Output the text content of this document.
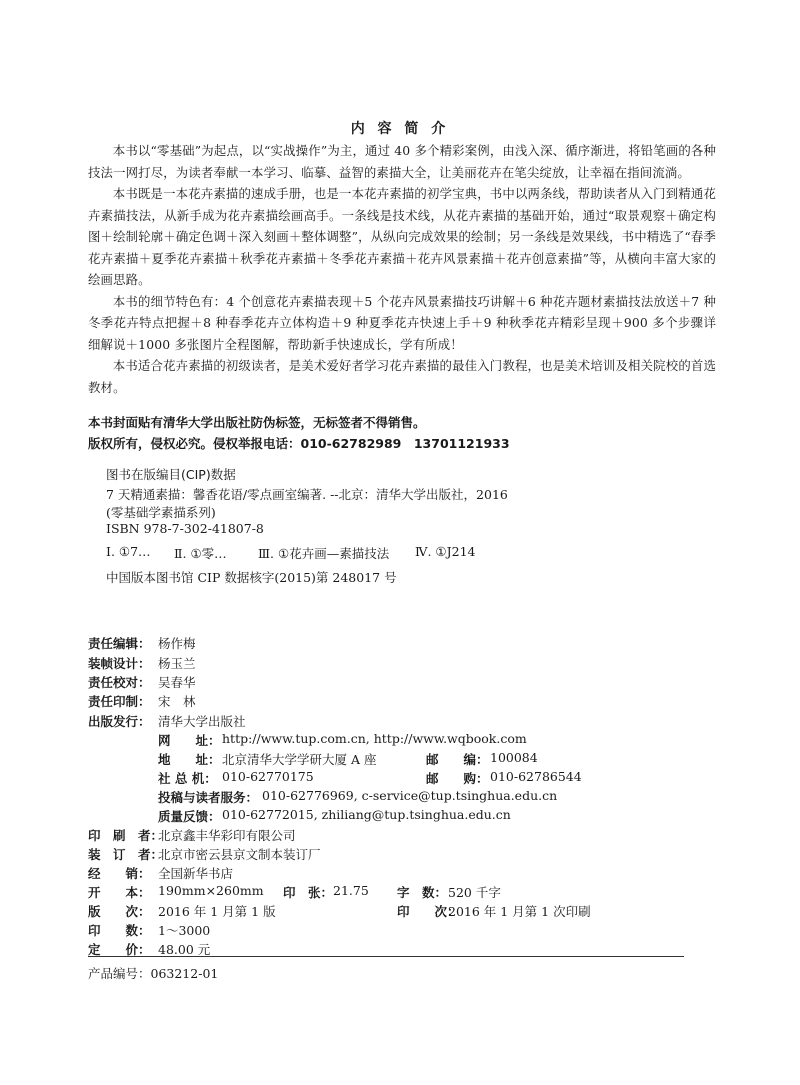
内 容 简 介

本书以“零基础”为起点，以“实战操作”为主，通过 40 多个精彩案例，由浅入深、循序渐进，将铅笔画的各种技法一网打尽，为读者奉献一本学习、临摹、益智的素描大全，让美丽花卉在笔尖绽放，让幸福在指间流淌。

本书既是一本花卉素描的速成手册，也是一本花卉素描的初学宝典，书中以两条线，帮助读者从入门到精通花卉素描技法，从新手成为花卉素描绘画高手。一条线是技术线，从花卉素描的基础开始，通过“取景观察＋确定构图＋绘制轮廓＋确定色调＋深入刻画＋整体调整”，从纵向完成效果的绘制；另一条线是效果线，书中精选了“春季花卉素描＋夏季花卉素描＋秋季花卉素描＋冬季花卉素描＋花卉风景素描＋花卉创意素描”等，从横向丰富大家的绘画思路。

本书的细节特色有：4 个创意花卉素描表现＋5 个花卉风景素描技巧讲解＋6 种花卉题材素描技法放送＋7 种冬季花卉特点把握＋8 种春季花卉立体构造＋9 种夏季花卉快速上手＋9 种秋季花卉精彩呈现＋900 多个步骤详细解说＋1000 多张图片全程图解，帮助新手快速成长，学有所成！

本书适合花卉素描的初级读者，是美术爱好者学习花卉素描的最佳入门教程，也是美术培训及相关院校的首选教材。

本书封面贴有清华大学出版社防伪标签，无标签者不得销售。
版权所有，侵权必究。侵权举报电话：010-62782989　13701121933
图书在版编目(CIP)数据
7 天精通素描：馨香花语/零点画室编著. --北京：清华大学出版社，2016
(零基础学素描系列)
ISBN 978-7-302-41807-8
Ⅰ. ①7… Ⅱ. ①零…	Ⅲ. ①花卉画—素描技法 Ⅳ. ①J214
中国版本图书馆 CIP 数据核字(2015)第 248017 号
责任编辑： 杨作梅
装帧设计： 杨玉兰
责任校对： 吴春华
责任印制： 宋　林
出版发行： 清华大学出版社
网　　址： http://www.tup.com.cn, http://www.wqbook.com
地　　址： 北京清华大学学研大厦 A 座	邮　　编： 100084
社 总 机： 010-62770175	邮　　购： 010-62786544
投稿与读者服务： 010-62776969, c-service@tup.tsinghua.edu.cn
质量反馈： 010-62772015, zhiliang@tup.tsinghua.edu.cn
印　刷　者：
北京鑫丰华彩印有限公司
装　订　者：
北京市密云县京文制本装订厂
经　　销： 全国新华书店
开　　本： 190mm×260mm 印　张： 21.75 字　数： 520 千字
版　　次： 2016 年 1 月第 1 版	印　　次：
2016 年 1 月第 1 次印刷
印　　数： 1～3000
定　　价： 48.00 元
产品编号：063212-01
